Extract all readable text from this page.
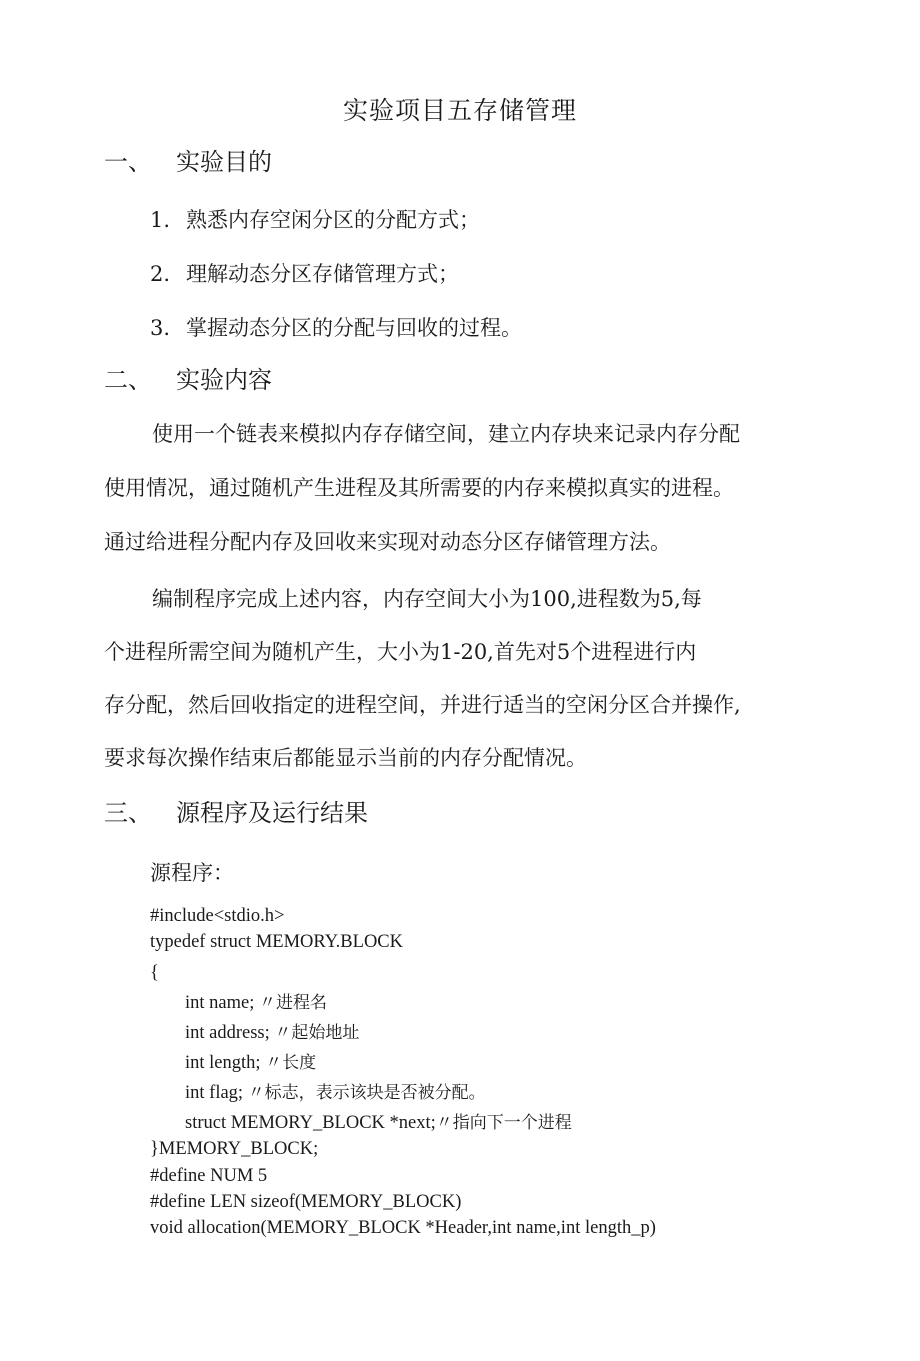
实验项目五存储管理
一、 实验目的
1. 熟悉内存空闲分区的分配方式；
2. 理解动态分区存储管理方式；
3. 掌握动态分区的分配与回收的过程。
二、 实验内容
使用一个链表来模拟内存存储空间，建立内存块来记录内存分配
使用情况，通过随机产生进程及其所需要的内存来模拟真实的进程。
通过给进程分配内存及回收来实现对动态分区存储管理方法。
编制程序完成上述内容，内存空间大小为100,进程数为5,每
个进程所需空间为随机产生，大小为1-20,首先对5个进程进行内
存分配，然后回收指定的进程空间，并进行适当的空闲分区合并操作,
要求每次操作结束后都能显示当前的内存分配情况。
三、 源程序及运行结果
源程序：
#include<stdio.h>
typedef struct MEMORY.BLOCK
{
int name; 〃进程名
int address; 〃起始地址
int length; 〃长度
int flag; 〃标志，表示该块是否被分配。
struct MEMORY_BLOCK *next;〃指向下一个进程
}MEMORY_BLOCK;
#define NUM 5
#define LEN sizeof(MEMORY_BLOCK)
void allocation(MEMORY_BLOCK *Header,int name,int length_p)
